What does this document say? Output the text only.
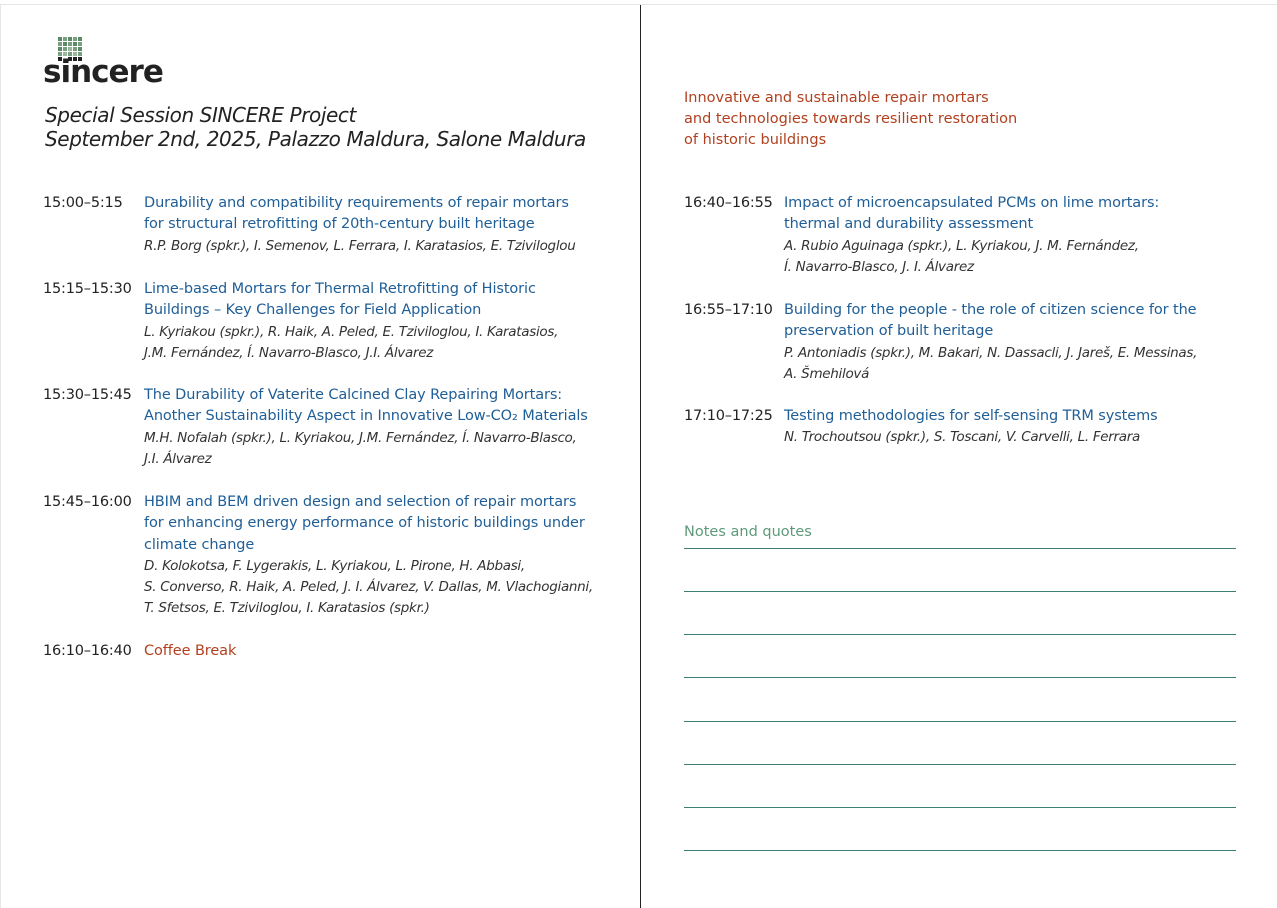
sincere
Special Session SINCERE Project
September 2nd, 2025, Palazzo Maldura, Salone Maldura
Innovative and sustainable repair mortars
and technologies towards resilient restoration
of historic buildings
15:00–5:15 Durability and compatibility requirements of repair mortars
for structural retrofitting of 20th-century built heritage
R.P. Borg (spkr.), I. Semenov, L. Ferrara, I. Karatasios, E. Tziviloglou
15:15–15:30 Lime-based Mortars for Thermal Retrofitting of Historic
Buildings – Key Challenges for Field Application
L. Kyriakou (spkr.), R. Haik, A. Peled, E. Tziviloglou, I. Karatasios,
J.M. Fernández, Í. Navarro-Blasco, J.I. Álvarez
15:30–15:45 The Durability of Vaterite Calcined Clay Repairing Mortars:
Another Sustainability Aspect in Innovative Low-CO₂ Materials
M.H. Nofalah (spkr.), L. Kyriakou, J.M. Fernández, Í. Navarro-Blasco,
J.I. Álvarez
15:45–16:00 HBIM and BEM driven design and selection of repair mortars
for enhancing energy performance of historic buildings under
climate change
D. Kolokotsa, F. Lygerakis, L. Kyriakou, L. Pirone, H. Abbasi,
S. Converso, R. Haik, A. Peled, J. I. Álvarez, V. Dallas, M. Vlachogianni,
T. Sfetsos, E. Tziviloglou, I. Karatasios (spkr.)
16:10–16:40 Coffee Break
16:40–16:55 Impact of microencapsulated PCMs on lime mortars:
thermal and durability assessment
A. Rubio Aguinaga (spkr.), L. Kyriakou, J. M. Fernández,
Í. Navarro-Blasco, J. I. Álvarez
16:55–17:10 Building for the people - the role of citizen science for the
preservation of built heritage
P. Antoniadis (spkr.), M. Bakari, N. Dassacli, J. Jareš, E. Messinas,
A. Šmehilová
17:10–17:25 Testing methodologies for self-sensing TRM systems
N. Trochoutsou (spkr.), S. Toscani, V. Carvelli, L. Ferrara
Notes and quotes
